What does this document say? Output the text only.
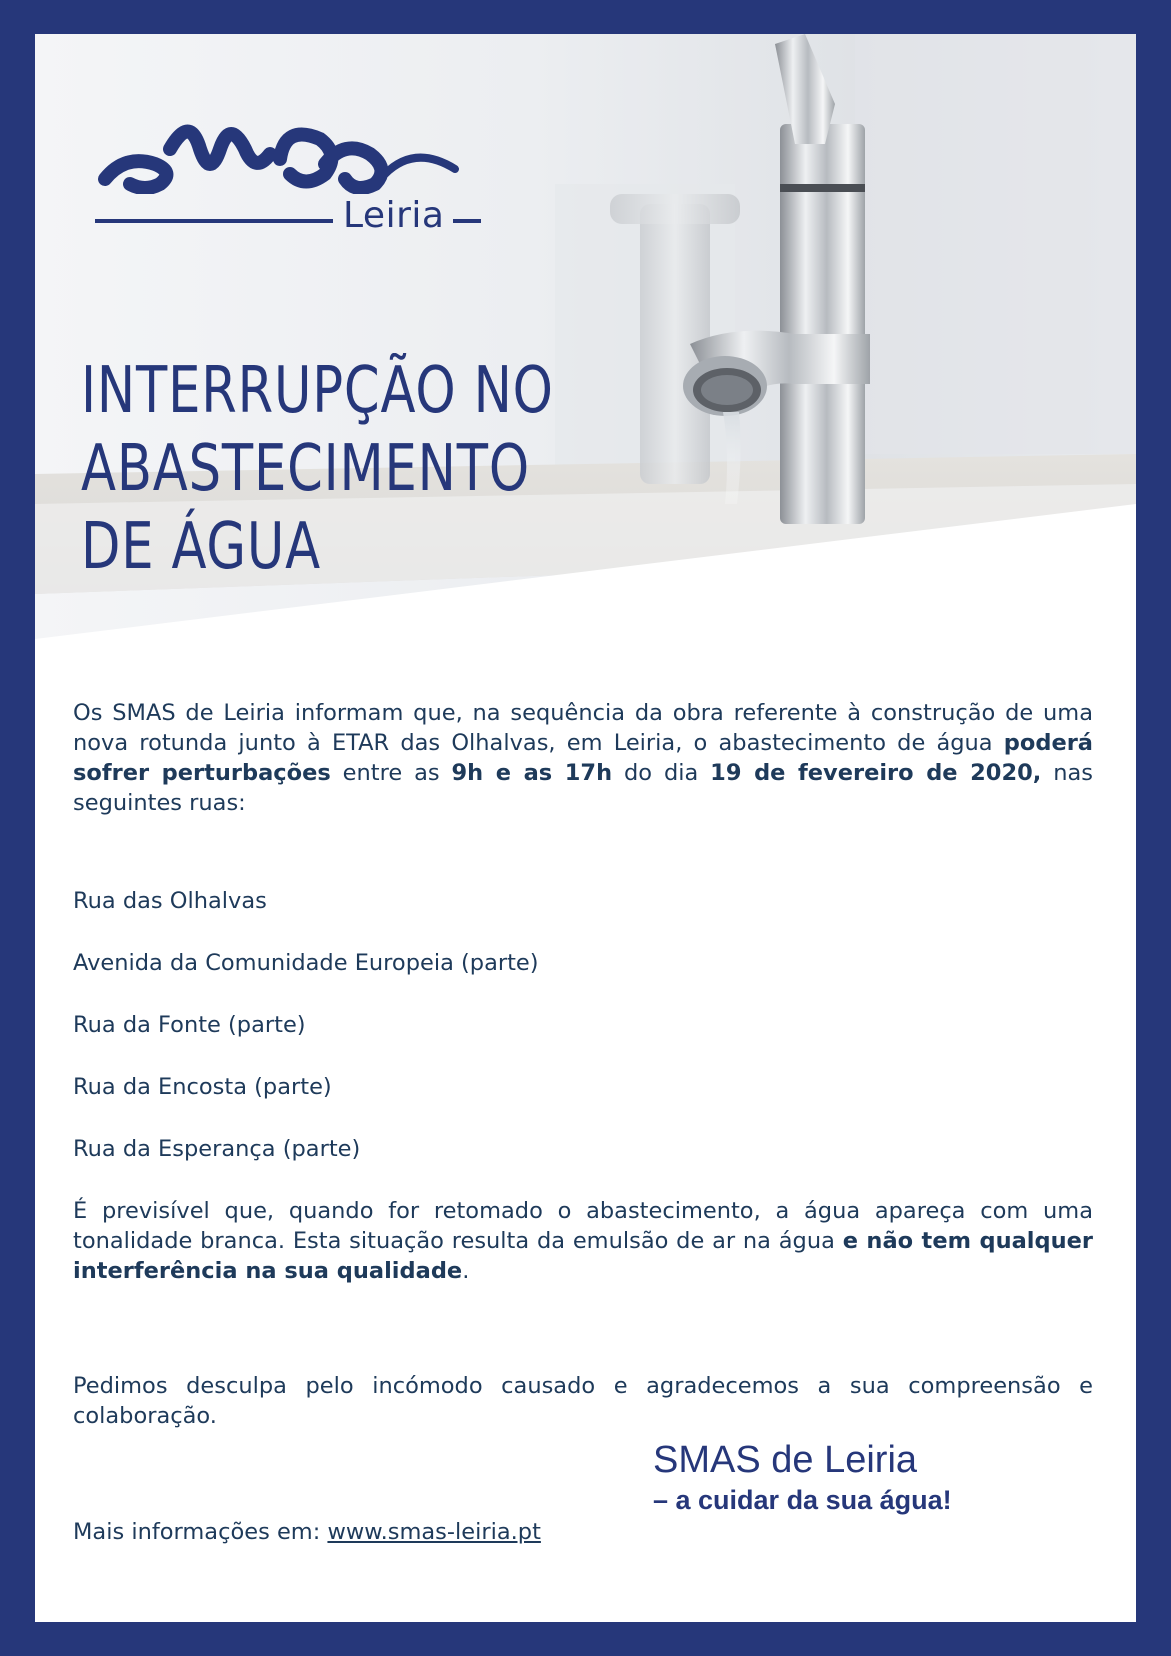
smas
Leiria
INTERRUPÇÃO NO
ABASTECIMENTO
DE ÁGUA

Os SMAS de Leiria informam que, na sequência da obra referente à construção de uma nova rotunda junto à ETAR das Olhalvas, em Leiria, o abastecimento de água poderá sofrer perturbações entre as 9h e as 17h do dia 19 de fevereiro de 2020, nas seguintes ruas:

Rua das Olhalvas
Avenida da Comunidade Europeia (parte)
Rua da Fonte (parte)
Rua da Encosta (parte)
Rua da Esperança (parte)

É previsível que, quando for retomado o abastecimento, a água apareça com uma tonalidade branca. Esta situação resulta da emulsão de ar na água e não tem qualquer interferência na sua qualidade.

Pedimos desculpa pelo incómodo causado e agradecemos a sua compreensão e colaboração.

Mais informações em: www.smas-leiria.pt
SMAS de Leiria
– a cuidar da sua água!
